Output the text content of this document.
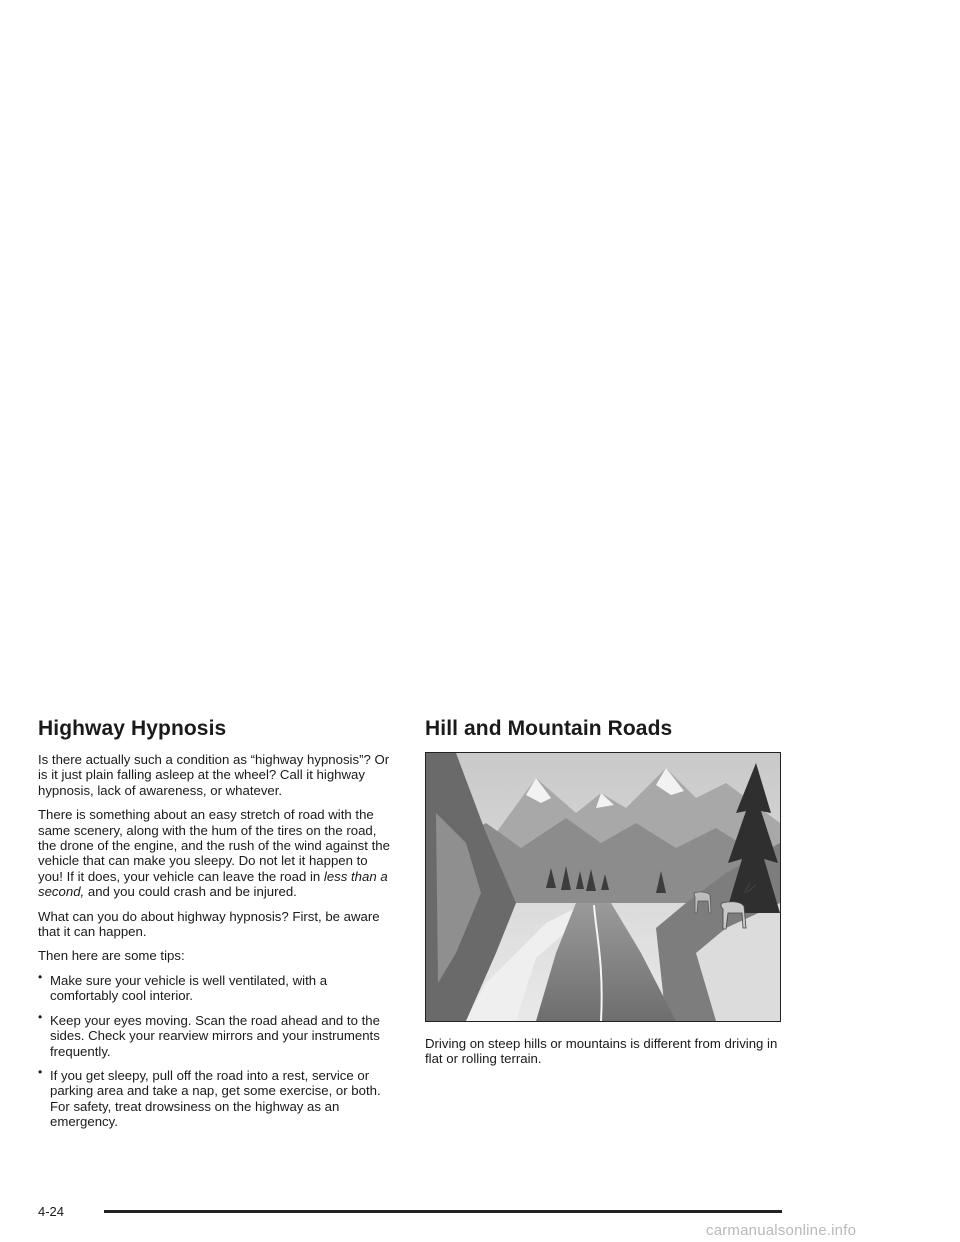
Highway Hypnosis

Is there actually such a condition as “highway hypnosis”? Or is it just plain falling asleep at the wheel? Call it highway hypnosis, lack of awareness, or whatever.

There is something about an easy stretch of road with the same scenery, along with the hum of the tires on the road, the drone of the engine, and the rush of the wind against the vehicle that can make you sleepy. Do not let it happen to you! If it does, your vehicle can leave the road in less than a second, and you could crash and be injured.

What can you do about highway hypnosis? First, be aware that it can happen.

Then here are some tips:

• Make sure your vehicle is well ventilated, with a comfortably cool interior.
• Keep your eyes moving. Scan the road ahead and to the sides. Check your rearview mirrors and your instruments frequently.
• If you get sleepy, pull off the road into a rest, service or parking area and take a nap, get some exercise, or both. For safety, treat drowsiness on the highway as an emergency.
Hill and Mountain Roads

Driving on steep hills or mountains is different from driving in flat or rolling terrain.

4-24
carmanualsonline.info
